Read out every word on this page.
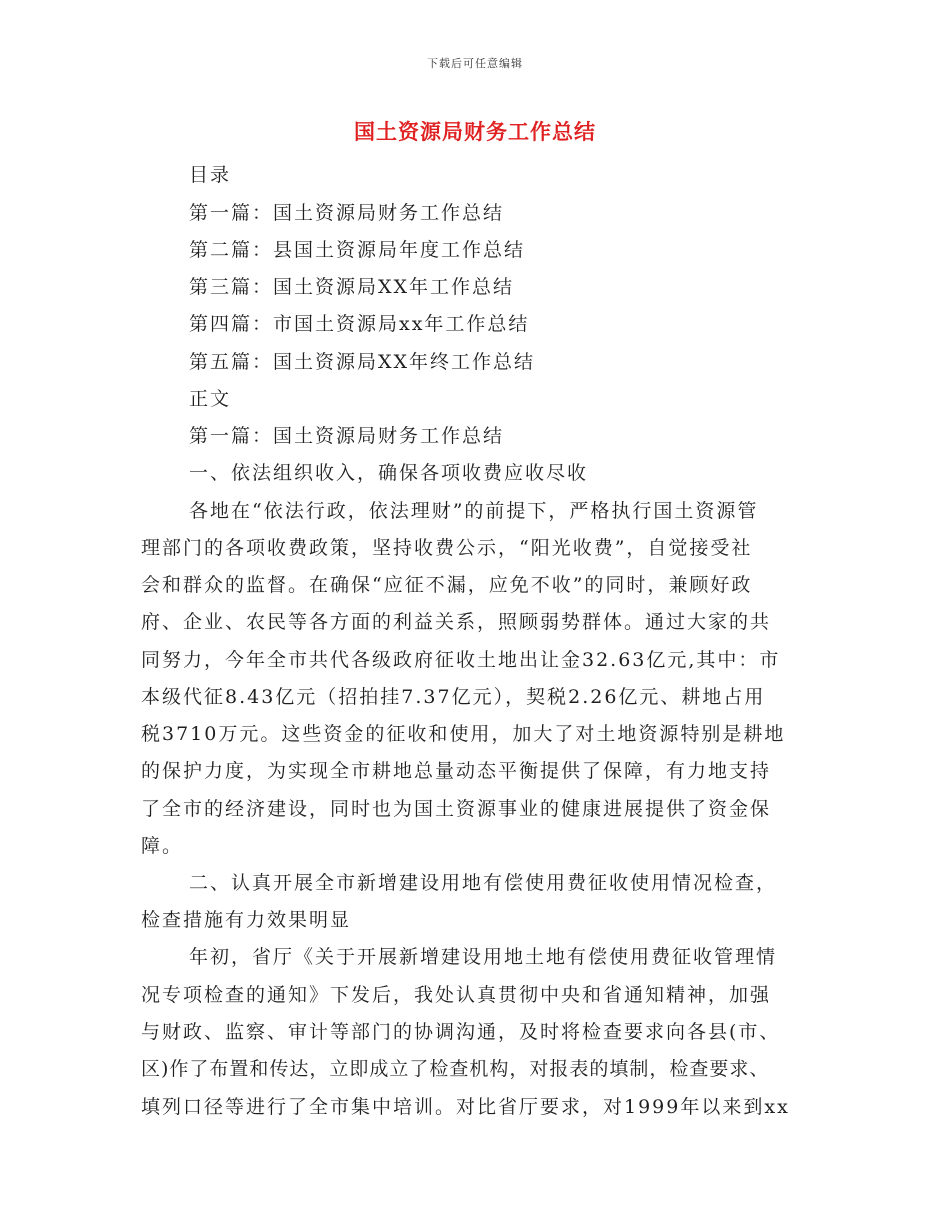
下载后可任意编辑
国土资源局财务工作总结
目录
第一篇：国土资源局财务工作总结
第二篇：县国土资源局年度工作总结
第三篇：国土资源局XX年工作总结
第四篇：市国土资源局xx年工作总结
第五篇：国土资源局XX年终工作总结
正文
第一篇：国土资源局财务工作总结
一、依法组织收入，确保各项收费应收尽收
各地在“依法行政，依法理财”的前提下，严格执行国土资源管
理部门的各项收费政策，坚持收费公示，“阳光收费”，自觉接受社
会和群众的监督。在确保“应征不漏，应免不收”的同时，兼顾好政
府、企业、农民等各方面的利益关系，照顾弱势群体。通过大家的共
同努力，今年全市共代各级政府征收土地出让金32.63亿元,其中：市
本级代征8.43亿元（招拍挂7.37亿元），契税2.26亿元、耕地占用
税3710万元。这些资金的征收和使用，加大了对土地资源特别是耕地
的保护力度，为实现全市耕地总量动态平衡提供了保障，有力地支持
了全市的经济建设，同时也为国土资源事业的健康进展提供了资金保
障。
二、认真开展全市新增建设用地有偿使用费征收使用情况检查，
检查措施有力效果明显
年初，省厅《关于开展新增建设用地土地有偿使用费征收管理情
况专项检查的通知》下发后，我处认真贯彻中央和省通知精神，加强
与财政、监察、审计等部门的协调沟通，及时将检查要求向各县(市、
区)作了布置和传达，立即成立了检查机构，对报表的填制，检查要求、
填列口径等进行了全市集中培训。对比省厅要求，对1999年以来到xx
